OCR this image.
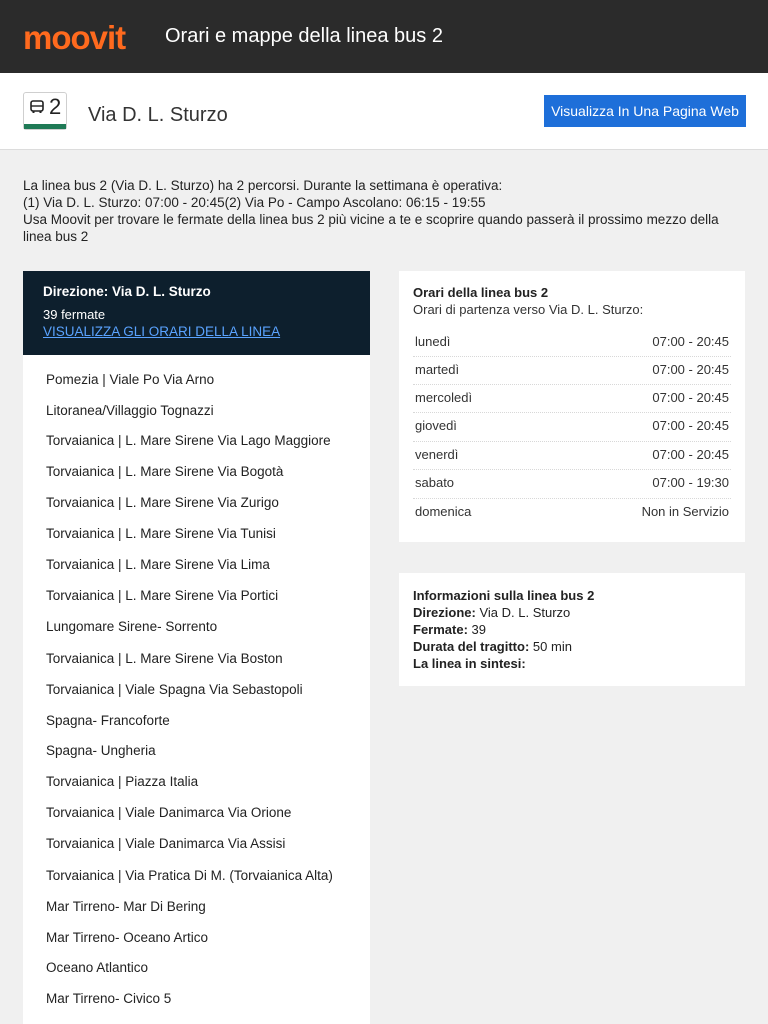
moovit Orari e mappe della linea bus 2
2 Via D. L. Sturzo	Visualizza In Una Pagina Web
La linea bus 2 (Via D. L. Sturzo) ha 2 percorsi. Durante la settimana è operativa:
(1) Via D. L. Sturzo: 07:00 - 20:45(2) Via Po - Campo Ascolano: 06:15 - 19:55
Usa Moovit per trovare le fermate della linea bus 2 più vicine a te e scoprire quando passerà il prossimo mezzo della
linea bus 2
Direzione: Via D. L. Sturzo
39 fermate
VISUALIZZA GLI ORARI DELLA LINEA
Pomezia | Viale Po Via Arno
Litoranea/Villaggio Tognazzi
Torvaianica | L. Mare Sirene Via Lago Maggiore
Torvaianica | L. Mare Sirene Via Bogotà
Torvaianica | L. Mare Sirene Via Zurigo
Torvaianica | L. Mare Sirene Via Tunisi
Torvaianica | L. Mare Sirene Via Lima
Torvaianica | L. Mare Sirene Via Portici
Lungomare Sirene- Sorrento
Torvaianica | L. Mare Sirene Via Boston
Torvaianica | Viale Spagna Via Sebastopoli
Spagna- Francoforte
Spagna- Ungheria
Torvaianica | Piazza Italia
Torvaianica | Viale Danimarca Via Orione
Torvaianica | Viale Danimarca Via Assisi
Torvaianica | Via Pratica Di M. (Torvaianica Alta)
Mar Tirreno- Mar Di Bering
Mar Tirreno- Oceano Artico
Oceano Atlantico
Mar Tirreno- Civico 5
Orari della linea bus 2
Orari di partenza verso Via D. L. Sturzo:
lunedì	07:00 - 20:45
martedì	07:00 - 20:45
mercoledì	07:00 - 20:45
giovedì	07:00 - 20:45
venerdì	07:00 - 20:45
sabato	07:00 - 19:30
domenica	Non in Servizio
Informazioni sulla linea bus 2
Direzione: Via D. L. Sturzo
Fermate: 39
Durata del tragitto: 50 min
La linea in sintesi:
